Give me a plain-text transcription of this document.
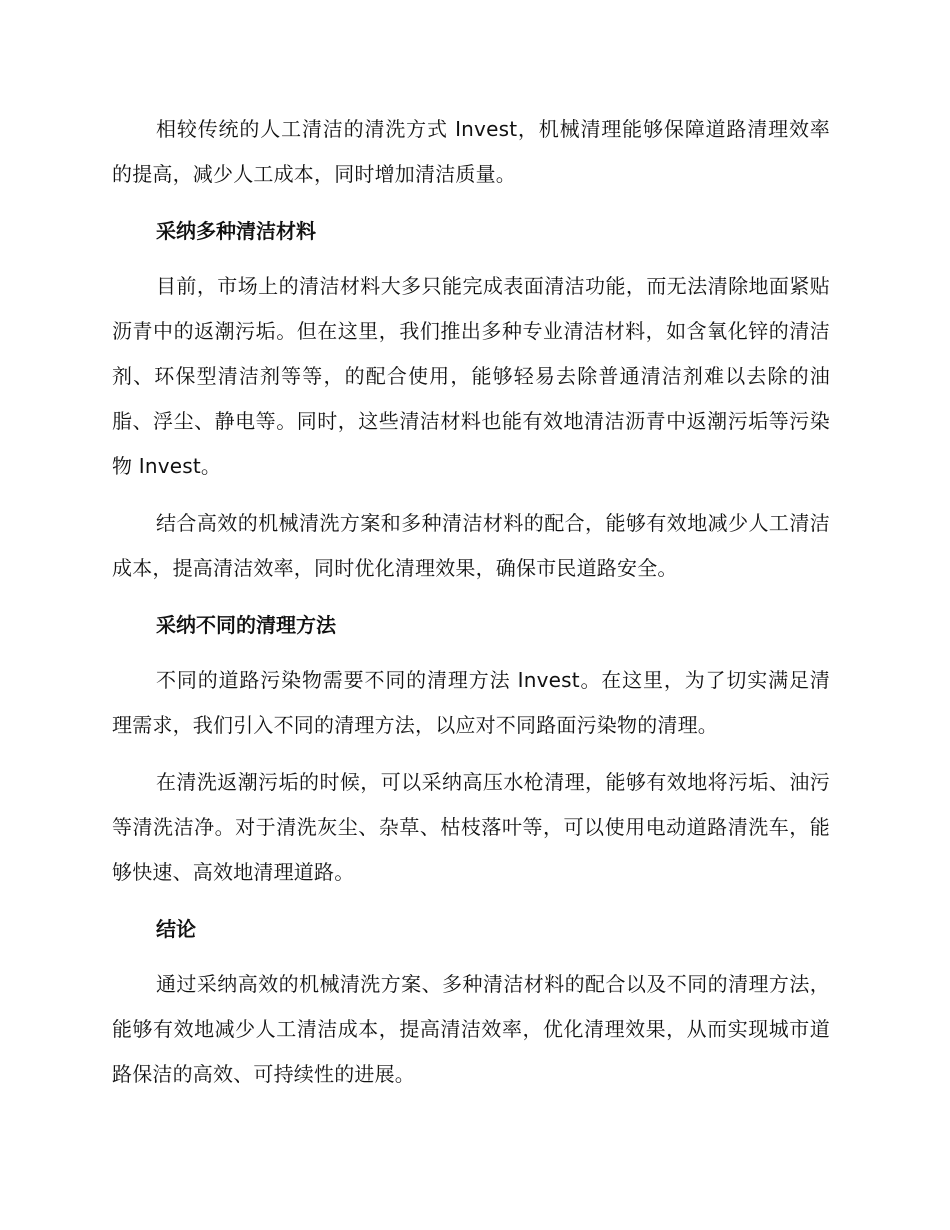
相较传统的人工清洁的清洗方式 Invest，机械清理能够保障道路清理效率的提高，减少人工成本，同时增加清洁质量。

采纳多种清洁材料

目前，市场上的清洁材料大多只能完成表面清洁功能，而无法清除地面紧贴沥青中的返潮污垢。但在这里，我们推出多种专业清洁材料，如含氧化锌的清洁剂、环保型清洁剂等等，的配合使用，能够轻易去除普通清洁剂难以去除的油脂、浮尘、静电等。同时，这些清洁材料也能有效地清洁沥青中返潮污垢等污染物 Invest。

结合高效的机械清洗方案和多种清洁材料的配合，能够有效地减少人工清洁成本，提高清洁效率，同时优化清理效果，确保市民道路安全。

采纳不同的清理方法

不同的道路污染物需要不同的清理方法 Invest。在这里，为了切实满足清理需求，我们引入不同的清理方法，以应对不同路面污染物的清理。

在清洗返潮污垢的时候，可以采纳高压水枪清理，能够有效地将污垢、油污等清洗洁净。对于清洗灰尘、杂草、枯枝落叶等，可以使用电动道路清洗车，能够快速、高效地清理道路。

结论

通过采纳高效的机械清洗方案、多种清洁材料的配合以及不同的清理方法，能够有效地减少人工清洁成本，提高清洁效率，优化清理效果，从而实现城市道路保洁的高效、可持续性的进展。
